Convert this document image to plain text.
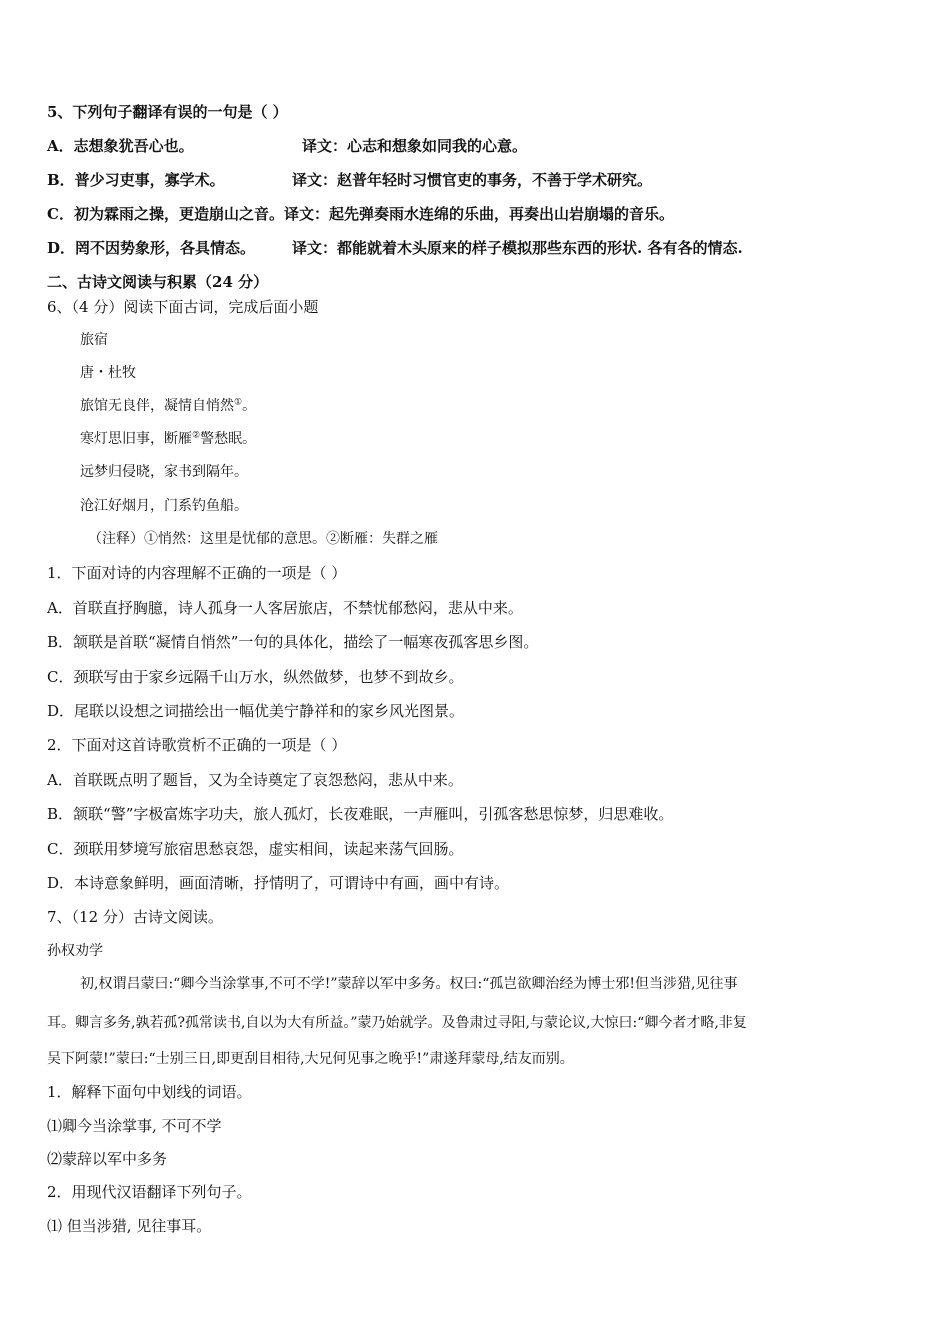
5、下列句子翻译有误的一句是（ ）
A．志想象犹吾心也。	译文：心志和想象如同我的心意。
B．普少习吏事，寡学术。	译文：赵普年轻时习惯官吏的事务，不善于学术研究。
C．初为霖雨之操，更造崩山之音。译文：起先弹奏雨水连绵的乐曲，再奏出山岩崩塌的音乐。
D．罔不因势象形，各具情态。 译文：都能就着木头原来的样子模拟那些东西的形状. 各有各的情态.
二、古诗文阅读与积累（24 分）
6、（4 分）阅读下面古词，完成后面小题
旅宿
唐・杜牧
旅馆无良伴，凝情自悄然①。
寒灯思旧事，断雁②警愁眠。
远梦归侵晓，家书到隔年。
沧江好烟月，门系钓鱼船。
（注释）①悄然：这里是忧郁的意思。②断雁：失群之雁
1．下面对诗的内容理解不正确的一项是（ ）
A．首联直抒胸臆，诗人孤身一人客居旅店，不禁忧郁愁闷，悲从中来。
B．颔联是首联“凝情自悄然”一句的具体化，描绘了一幅寒夜孤客思乡图。
C．颈联写由于家乡远隔千山万水，纵然做梦，也梦不到故乡。
D．尾联以设想之词描绘出一幅优美宁静祥和的家乡风光图景。
2．下面对这首诗歌赏析不正确的一项是（ ）
A．首联既点明了题旨，又为全诗奠定了哀怨愁闷，悲从中来。
B．颔联“警”字极富炼字功夫，旅人孤灯，长夜难眠，一声雁叫，引孤客愁思惊梦，归思难收。
C．颈联用梦境写旅宿思愁哀怨，虚实相间，读起来荡气回肠。
D．本诗意象鲜明，画面清晰，抒情明了，可谓诗中有画，画中有诗。
7、（12 分）古诗文阅读。
孙权劝学
初,权谓吕蒙曰:“卿今当涂掌事,不可不学!”蒙辞以军中多务。权曰:“孤岂欲卿治经为博士邪!但当涉猎,见往事
耳。卿言多务,孰若孤?孤常读书,自以为大有所益。”蒙乃始就学。及鲁肃过寻阳,与蒙论议,大惊曰:“卿今者才略,非复
吴下阿蒙!”蒙曰:“士别三日,即更刮目相待,大兄何见事之晚乎!”肃遂拜蒙母,结友而别。
1．解释下面句中划线的词语。
⑴卿今当涂掌事, 不可不学
⑵蒙辞以军中多务
2．用现代汉语翻译下列句子。
⑴ 但当涉猎, 见往事耳。
